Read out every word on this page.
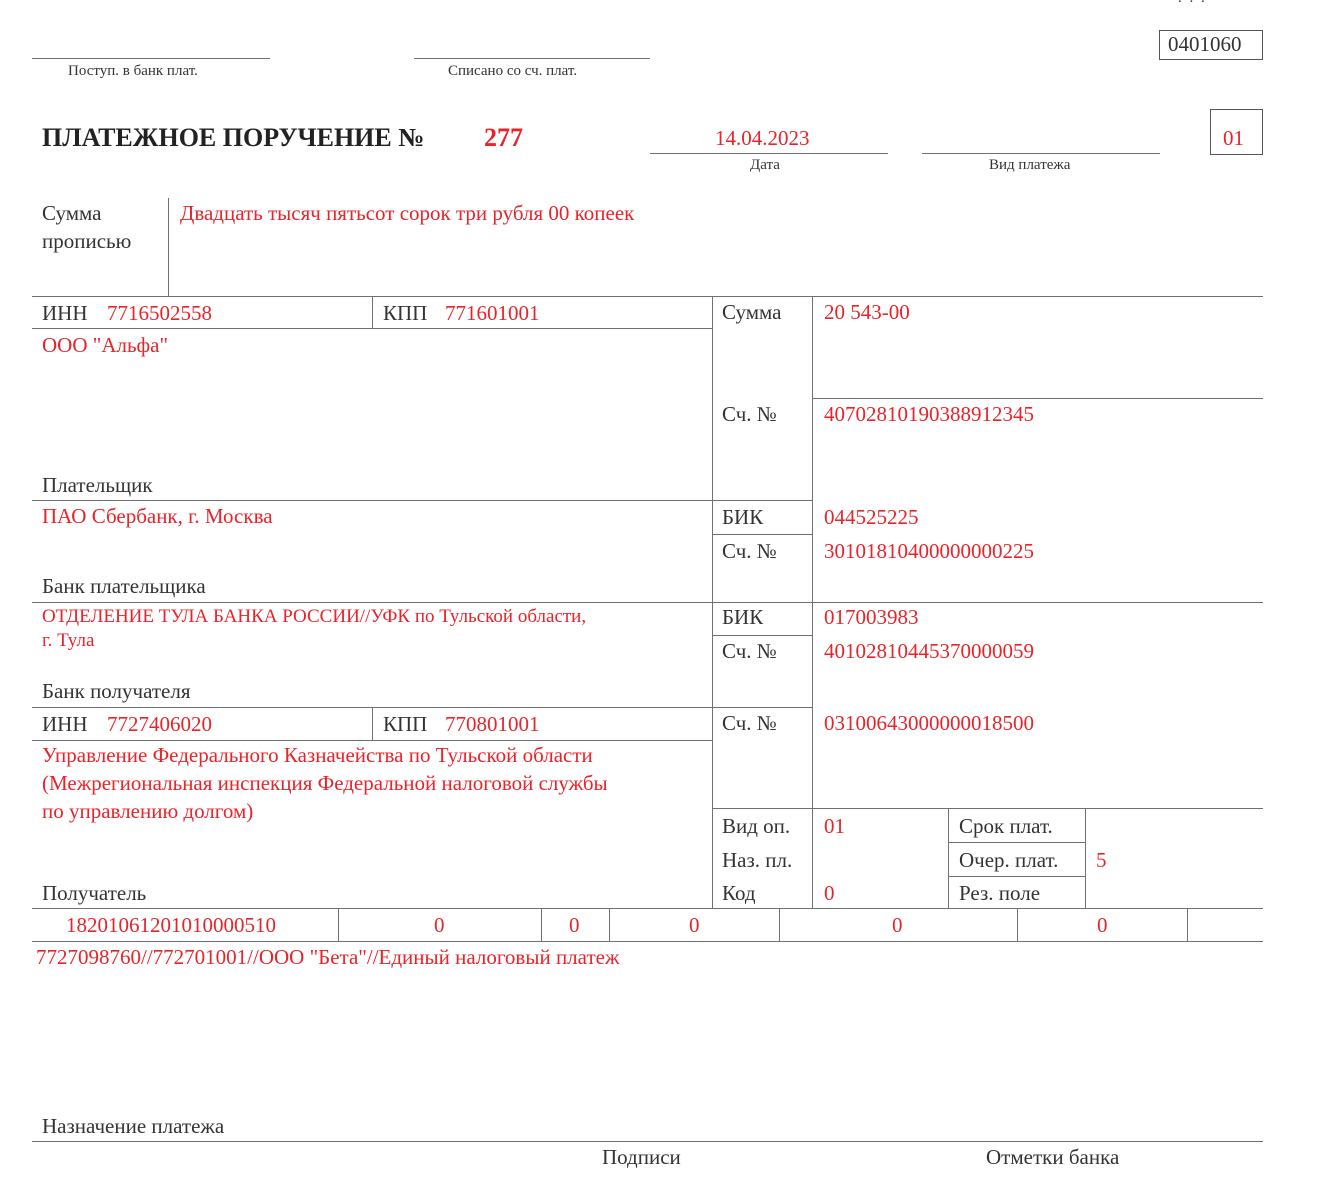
0401060
Поступ. в банк плат.	Списано со сч. плат.
ПЛАТЕЖНОЕ ПОРУЧЕНИЕ № 277	14.04.2023
Дата	Вид платежа
01
Сумма
прописью
Двадцать тысяч пятьсот сорок три рубля 00 копеек
ИНН 7716502558	КПП 771601001
ООО "Альфа"
Плательщик
Сумма 20 543-00
Сч. № 40702810190388912345
ПАО Сбербанк, г. Москва
Банк плательщика
БИК	044525225
Сч. № 30101810400000000225
ОТДЕЛЕНИЕ ТУЛА БАНКА РОССИИ//УФК по Тульской области,
г. Тула
Банк получателя
БИК	017003983
Сч. № 40102810445370000059
ИНН 7727406020	КПП 770801001	Сч. № 03100643000000018500
Управление Федерального Казначейства по Тульской области
(Межрегиональная инспекция Федеральной налоговой службы
по управлению долгом)
Получатель
Вид оп. 01
Наз. пл.
Код	0
Срок плат.
Очер. плат. 5
Рез. поле
18201061201010000510	0	0	0	0	0
7727098760//772701001//ООО "Бета"//Единый налоговый платеж
Назначение платежа
Подписи	Отметки банка
